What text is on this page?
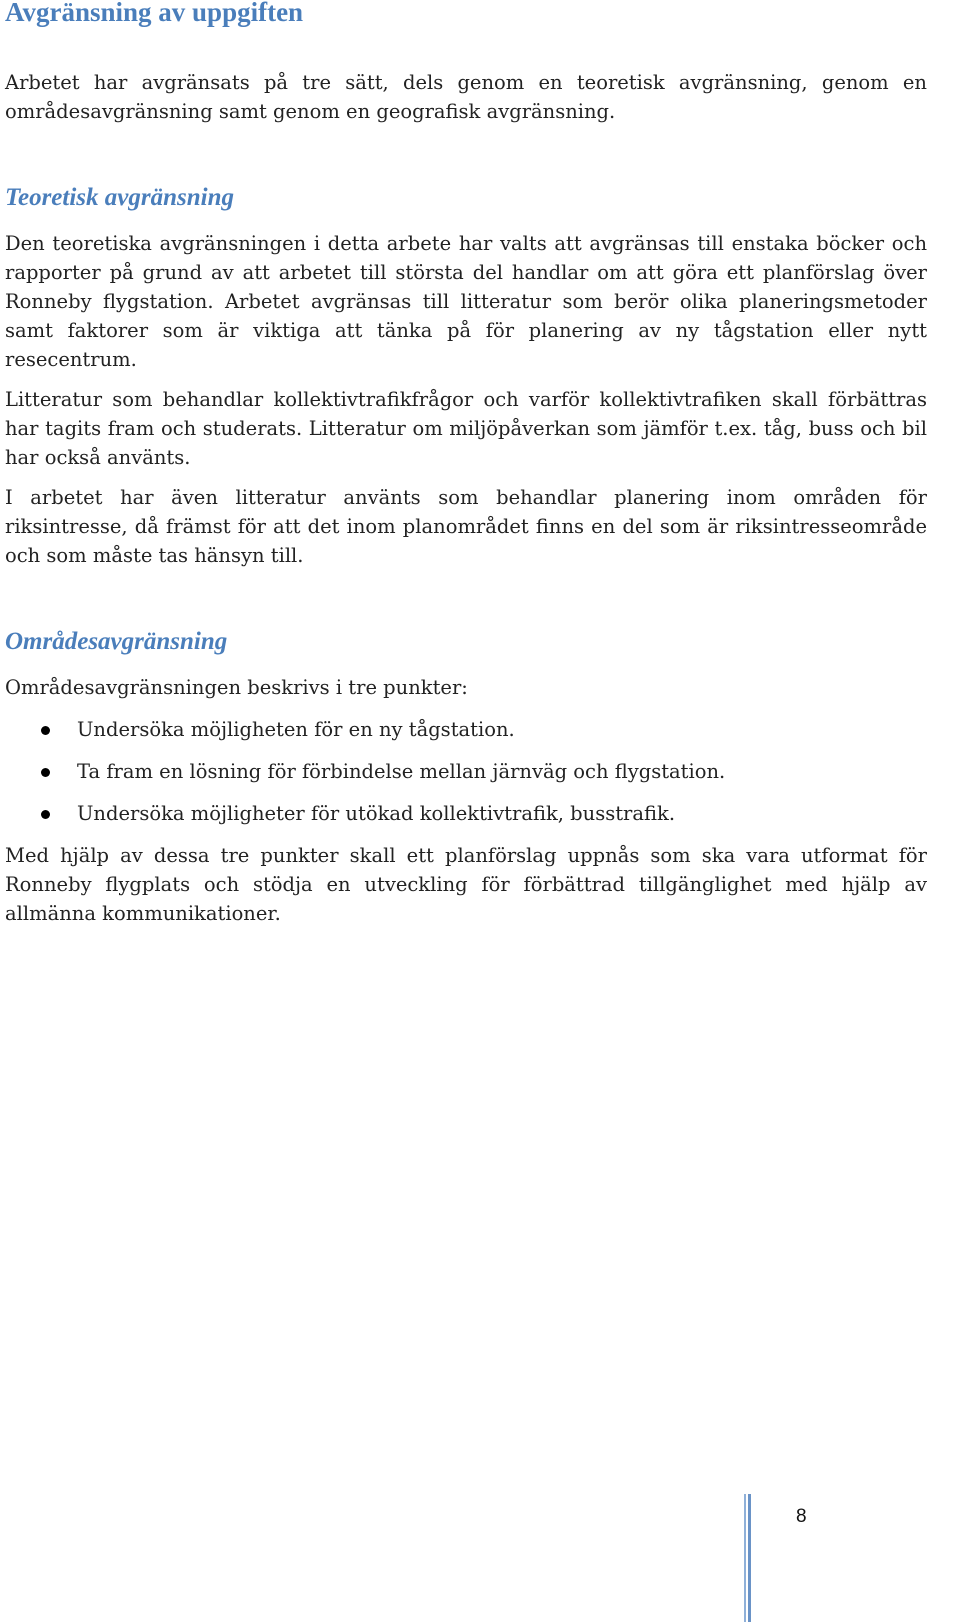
Avgränsning av uppgiften

Arbetet har avgränsats på tre sätt, dels genom en teoretisk avgränsning, genom en områdesavgränsning samt genom en geografisk avgränsning.

Teoretisk avgränsning

Den teoretiska avgränsningen i detta arbete har valts att avgränsas till enstaka böcker och rapporter på grund av att arbetet till största del handlar om att göra ett planförslag över Ronneby flygstation. Arbetet avgränsas till litteratur som berör olika planeringsmetoder samt faktorer som är viktiga att tänka på för planering av ny tågstation eller nytt resecentrum.

Litteratur som behandlar kollektivtrafikfrågor och varför kollektivtrafiken skall förbättras har tagits fram och studerats. Litteratur om miljöpåverkan som jämför t.ex. tåg, buss och bil har också använts.

I arbetet har även litteratur använts som behandlar planering inom områden för riksintresse, då främst för att det inom planområdet finns en del som är riksintresseområde och som måste tas hänsyn till.

Områdesavgränsning

Områdesavgränsningen beskrivs i tre punkter:

Undersöka möjligheten för en ny tågstation.
Ta fram en lösning för förbindelse mellan järnväg och flygstation.
Undersöka möjligheter för utökad kollektivtrafik, busstrafik.

Med hjälp av dessa tre punkter skall ett planförslag uppnås som ska vara utformat för Ronneby flygplats och stödja en utveckling för förbättrad tillgänglighet med hjälp av allmänna kommunikationer.

8
